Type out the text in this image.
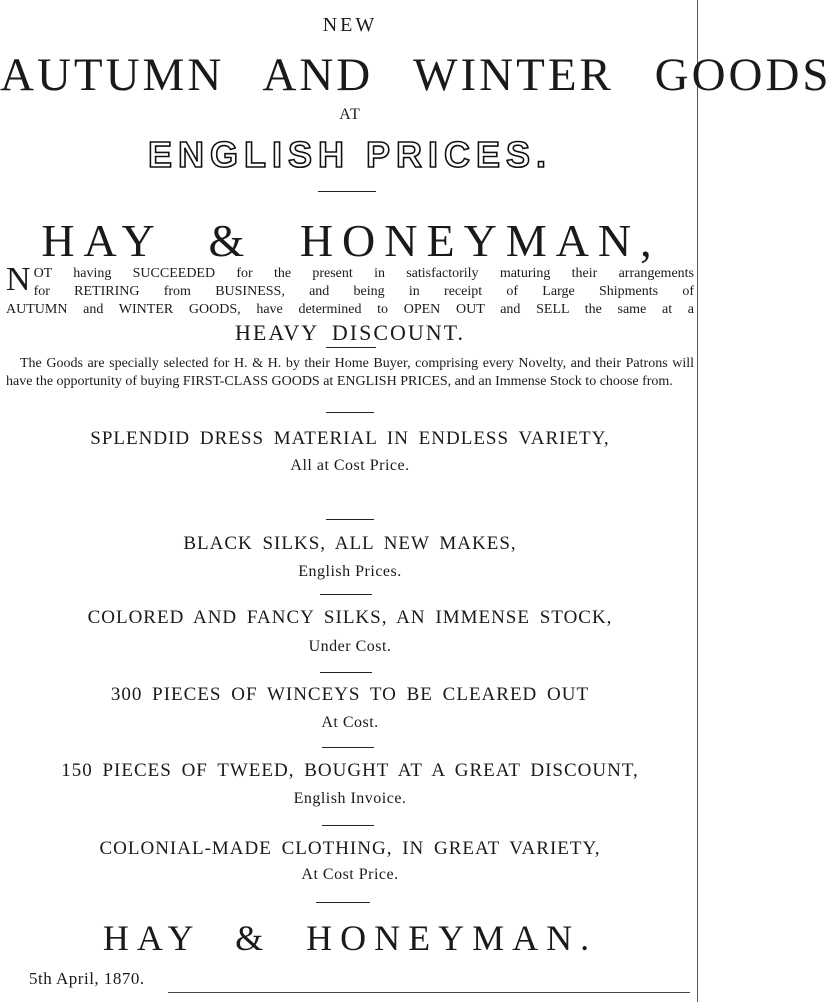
NEW
AUTUMN AND WINTER GOODS
AT
ENGLISH PRICES.
HAY & HONEYMAN,
N OT having SUCCEEDED for the present in satisfactorily maturing their arrangements
for RETIRING from BUSINESS, and being in receipt of Large Shipments of
AUTUMN and WINTER GOODS, have determined to OPEN OUT and SELL the same at a
HEAVY DISCOUNT.
The Goods are specially selected for H. & H. by their Home Buyer, comprising every Novelty, and their Patrons will have the opportunity of buying FIRST-CLASS GOODS at ENGLISH PRICES, and an Immense Stock to choose from.
SPLENDID DRESS MATERIAL IN ENDLESS VARIETY,
All at Cost Price.
BLACK SILKS, ALL NEW MAKES,
English Prices.
COLORED AND FANCY SILKS, AN IMMENSE STOCK,
Under Cost.
300 PIECES OF WINCEYS TO BE CLEARED OUT
At Cost.
150 PIECES OF TWEED, BOUGHT AT A GREAT DISCOUNT,
English Invoice.
COLONIAL-MADE CLOTHING, IN GREAT VARIETY,
At Cost Price.
HAY & HONEYMAN.
5th April, 1870.
